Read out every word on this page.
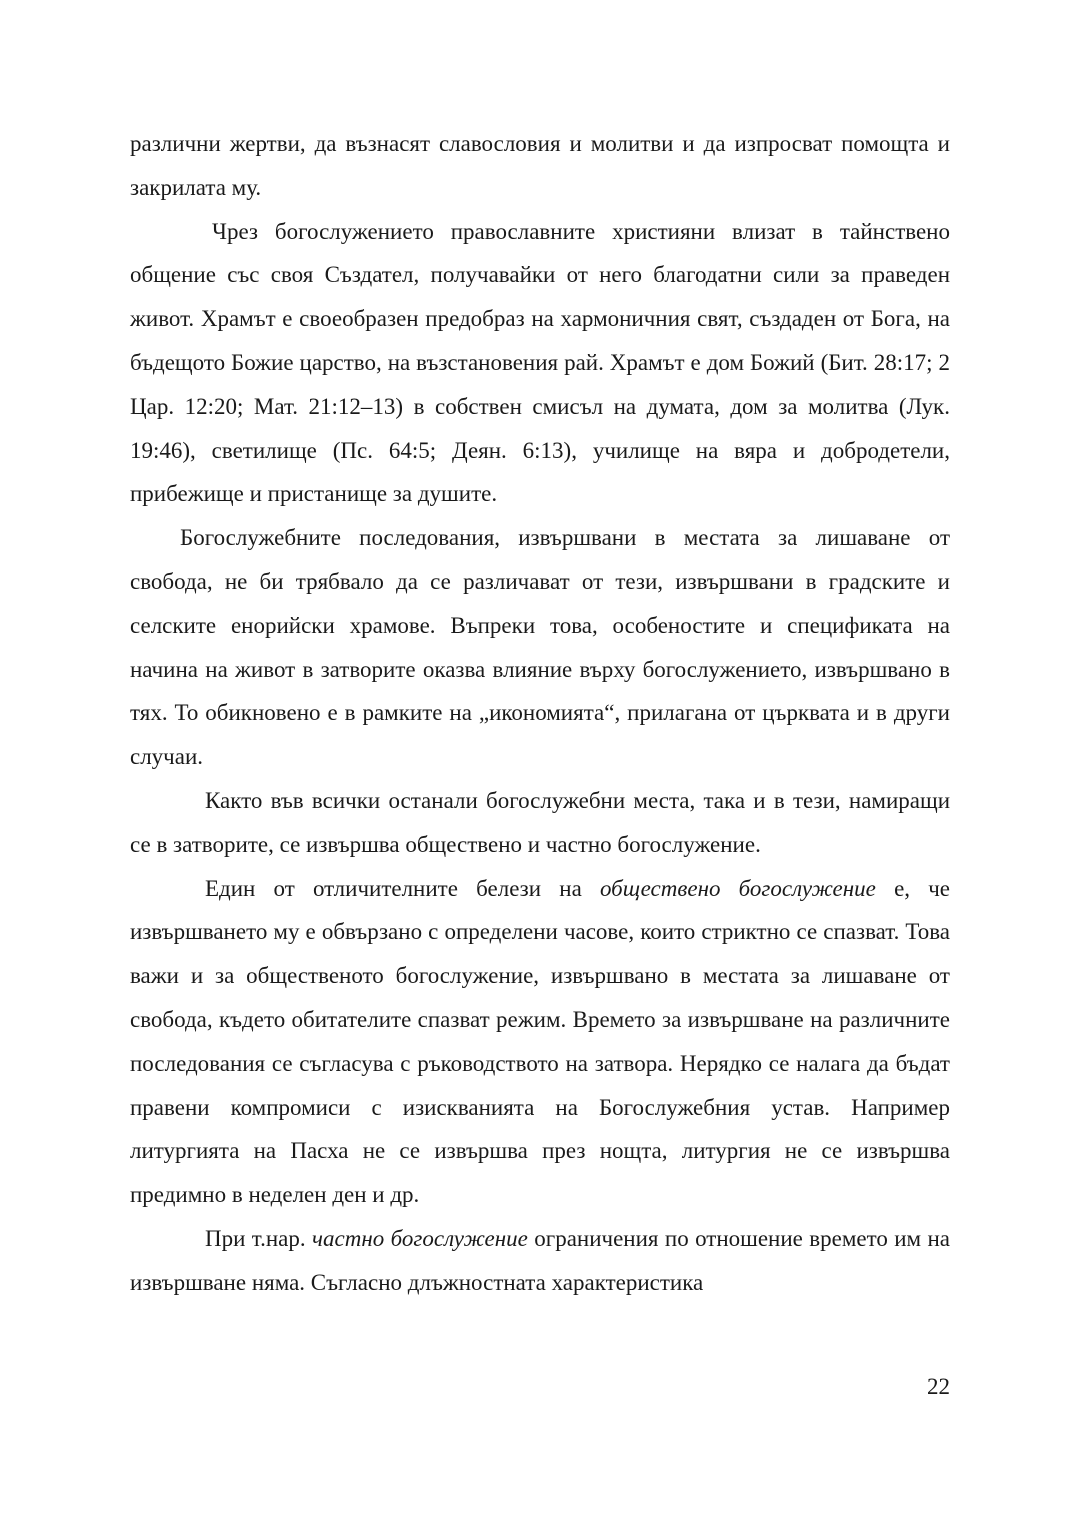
различни жертви, да възнасят славословия и молитви и да изпросват помощта и закрилата му.

Чрез богослужението православните християни влизат в тайнствено общение със своя Създател, получавайки от него благодатни сили за праведен живот. Храмът е своеобразен предобраз на хармоничния свят, създаден от Бога, на бъдещото Божие царство, на възстановения рай. Храмът е дом Божий (Бит. 28:17; 2 Цар. 12:20; Мат. 21:12–13) в собствен смисъл на думата, дом за молитва (Лук. 19:46), светилище (Пс. 64:5; Деян. 6:13), училище на вяра и добродетели, прибежище и пристанище за душите.

Богослужебните последования, извършвани в местата за лишаване от свобода, не би трябвало да се различават от тези, извършвани в градските и селските енорийски храмове. Въпреки това, особеностите и спецификата на начина на живот в затворите оказва влияние върху богослужението, извършвано в тях. То обикновено е в рамките на „икономията“, прилагана от църквата и в други случаи.

Както във всички останали богослужебни места, така и в тези, намиращи се в затворите, се извършва обществено и частно богослужение.

Един от отличителните белези на обществено богослужение е, че извършването му е обвързано с определени часове, които стриктно се спазват. Това важи и за общественото богослужение, извършвано в местата за лишаване от свобода, където обитателите спазват режим. Времето за извършване на различните последования се съгласува с ръководството на затвора. Нерядко се налага да бъдат правени компромиси с изискванията на Богослужебния устав. Например литургията на Пасха не се извършва през нощта, литургия не се извършва предимно в неделен ден и др.

При т.нар. частно богослужение ограничения по отношение времето им на извършване няма. Съгласно длъжностната характеристика

22
